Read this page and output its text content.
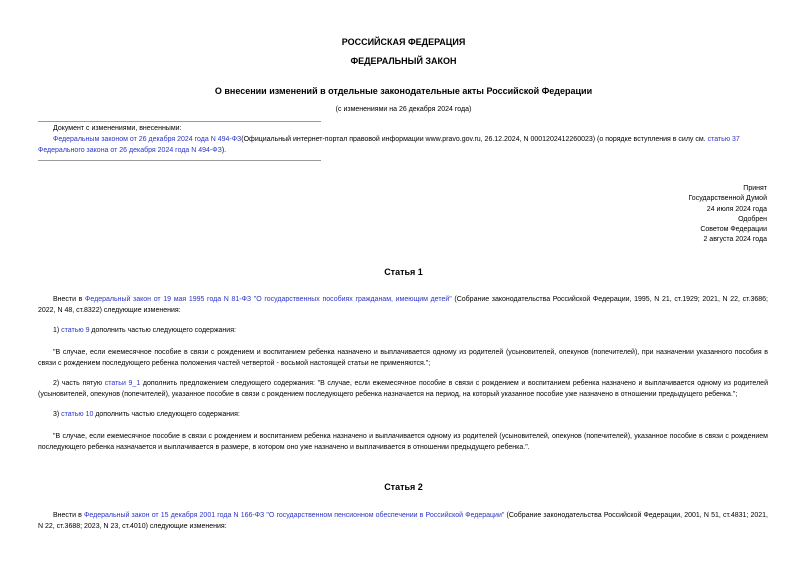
РОССИЙСКАЯ ФЕДЕРАЦИЯ
ФЕДЕРАЛЬНЫЙ ЗАКОН
О внесении изменений в отдельные законодательные акты Российской Федерации
(с изменениями на 26 декабря 2024 года)
Документ с изменениями, внесенными:
Федеральным законом от 26 декабря 2024 года N 494-ФЗ(Официальный интернет-портал правовой информации www.pravo.gov.ru, 26.12.2024, N 0001202412260023) (о порядке вступления в силу см. статью 37 Федерального закона от 26 декабря 2024 года N 494-ФЗ).
Принят
Государственной Думой
24 июля 2024 года
Одобрен
Советом Федерации
2 августа 2024 года
Статья 1
Внести в Федеральный закон от 19 мая 1995 года N 81-ФЗ "О государственных пособиях гражданам, имеющим детей" (Собрание законодательства Российской Федерации, 1995, N 21, ст.1929; 2021, N 22, ст.3686; 2022, N 48, ст.8322) следующие изменения:
1) статью 9 дополнить частью следующего содержания:
"В случае, если ежемесячное пособие в связи с рождением и воспитанием ребенка назначено и выплачивается одному из родителей (усыновителей, опекунов (попечителей), при назначении указанного пособия в связи с рождением последующего ребенка положения частей четвертой - восьмой настоящей статьи не применяются.";
2) часть пятую статьи 9_1 дополнить предложением следующего содержания: "В случае, если ежемесячное пособие в связи с рождением и воспитанием ребенка назначено и выплачивается одному из родителей (усыновителей, опекунов (попечителей), указанное пособие в связи с рождением последующего ребенка назначается на период, на который указанное пособие уже назначено в отношении предыдущего ребенка.";
3) статью 10 дополнить частью следующего содержания:
"В случае, если ежемесячное пособие в связи с рождением и воспитанием ребенка назначено и выплачивается одному из родителей (усыновителей, опекунов (попечителей), указанное пособие в связи с рождением последующего ребенка назначается и выплачивается в размере, в котором оно уже назначено и выплачивается в отношении предыдущего ребенка.".
Статья 2
Внести в Федеральный закон от 15 декабря 2001 года N 166-ФЗ "О государственном пенсионном обеспечении в Российской Федерации" (Собрание законодательства Российской Федерации, 2001, N 51, ст.4831; 2021, N 22, ст.3688; 2023, N 23, ст.4010) следующие изменения:
